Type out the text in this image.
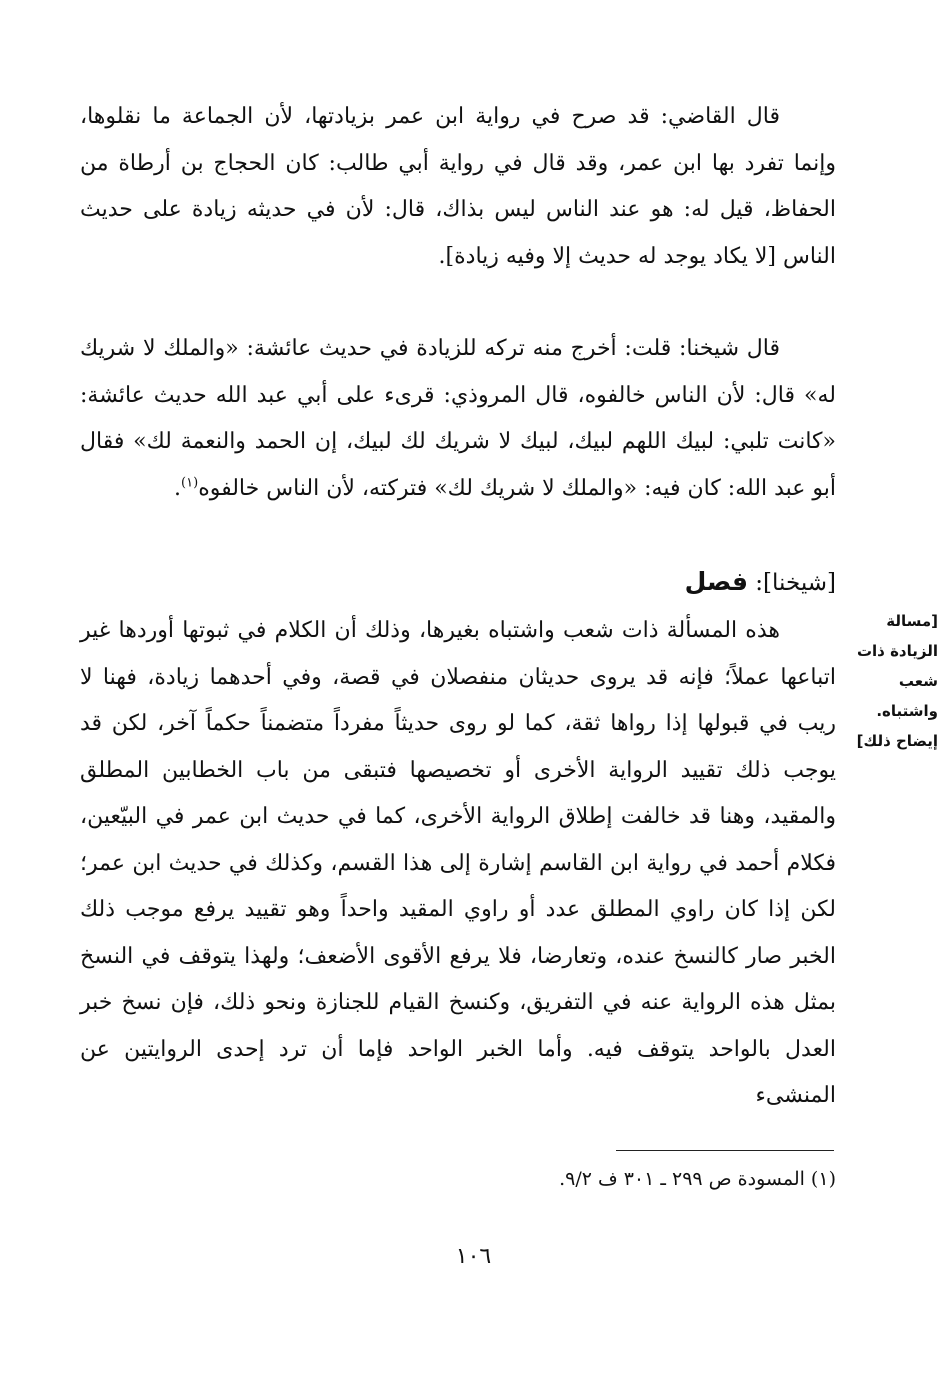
قال القاضي: قد صرح في رواية ابن عمر بزيادتها، لأن الجماعة ما نقلوها، وإنما تفرد بها ابن عمر، وقد قال في رواية أبي طالب: كان الحجاج بن أرطاة من الحفاظ، قيل له: هو عند الناس ليس بذاك، قال: لأن في حديثه زيادة على حديث الناس [لا يكاد يوجد له حديث إلا وفيه زيادة].

قال شيخنا: قلت: أخرج منه تركه للزيادة في حديث عائشة: «والملك لا شريك له» قال: لأن الناس خالفوه، قال المروذي: قرىء على أبي عبد الله حديث عائشة: «كانت تلبي: لبيك اللهم لبيك، لبيك لا شريك لك لبيك، إن الحمد والنعمة لك» فقال أبو عبد الله: كان فيه: «والملك لا شريك لك» فتركته، لأن الناس خالفوه$^{(١)}$.

[شيخنا]: فصل
[مسالة الزيادة ذات شعب واشتباه. إيضاح ذلك]

هذه المسألة ذات شعب واشتباه بغيرها، وذلك أن الكلام في ثبوتها أوردها غير اتباعها عملاً؛ فإنه قد يروى حديثان منفصلان في قصة، وفي أحدهما زيادة، فهنا لا ريب في قبولها إذا رواها ثقة، كما لو روى حديثاً مفرداً متضمناً حكماً آخر، لكن قد يوجب ذلك تقييد الرواية الأخرى أو تخصيصها فتبقى من باب الخطابين المطلق والمقيد، وهنا قد خالفت إطلاق الرواية الأخرى، كما في حديث ابن عمر في البيّعين، فكلام أحمد في رواية ابن القاسم إشارة إلى هذا القسم، وكذلك في حديث ابن عمر؛ لكن إذا كان راوي المطلق عدد أو راوي المقيد واحداً وهو تقييد يرفع موجب ذلك الخبر صار كالنسخ عنده، وتعارضا، فلا يرفع الأقوى الأضعف؛ ولهذا يتوقف في النسخ بمثل هذه الرواية عنه في التفريق، وكنسخ القيام للجنازة ونحو ذلك، فإن نسخ خبر العدل بالواحد يتوقف فيه. وأما الخبر الواحد فإما أن ترد إحدى الروايتين عن المنشىء

(١) المسودة ص ٢٩٩ ـ ٣٠١ ف ٩/٢.
١٠٦
